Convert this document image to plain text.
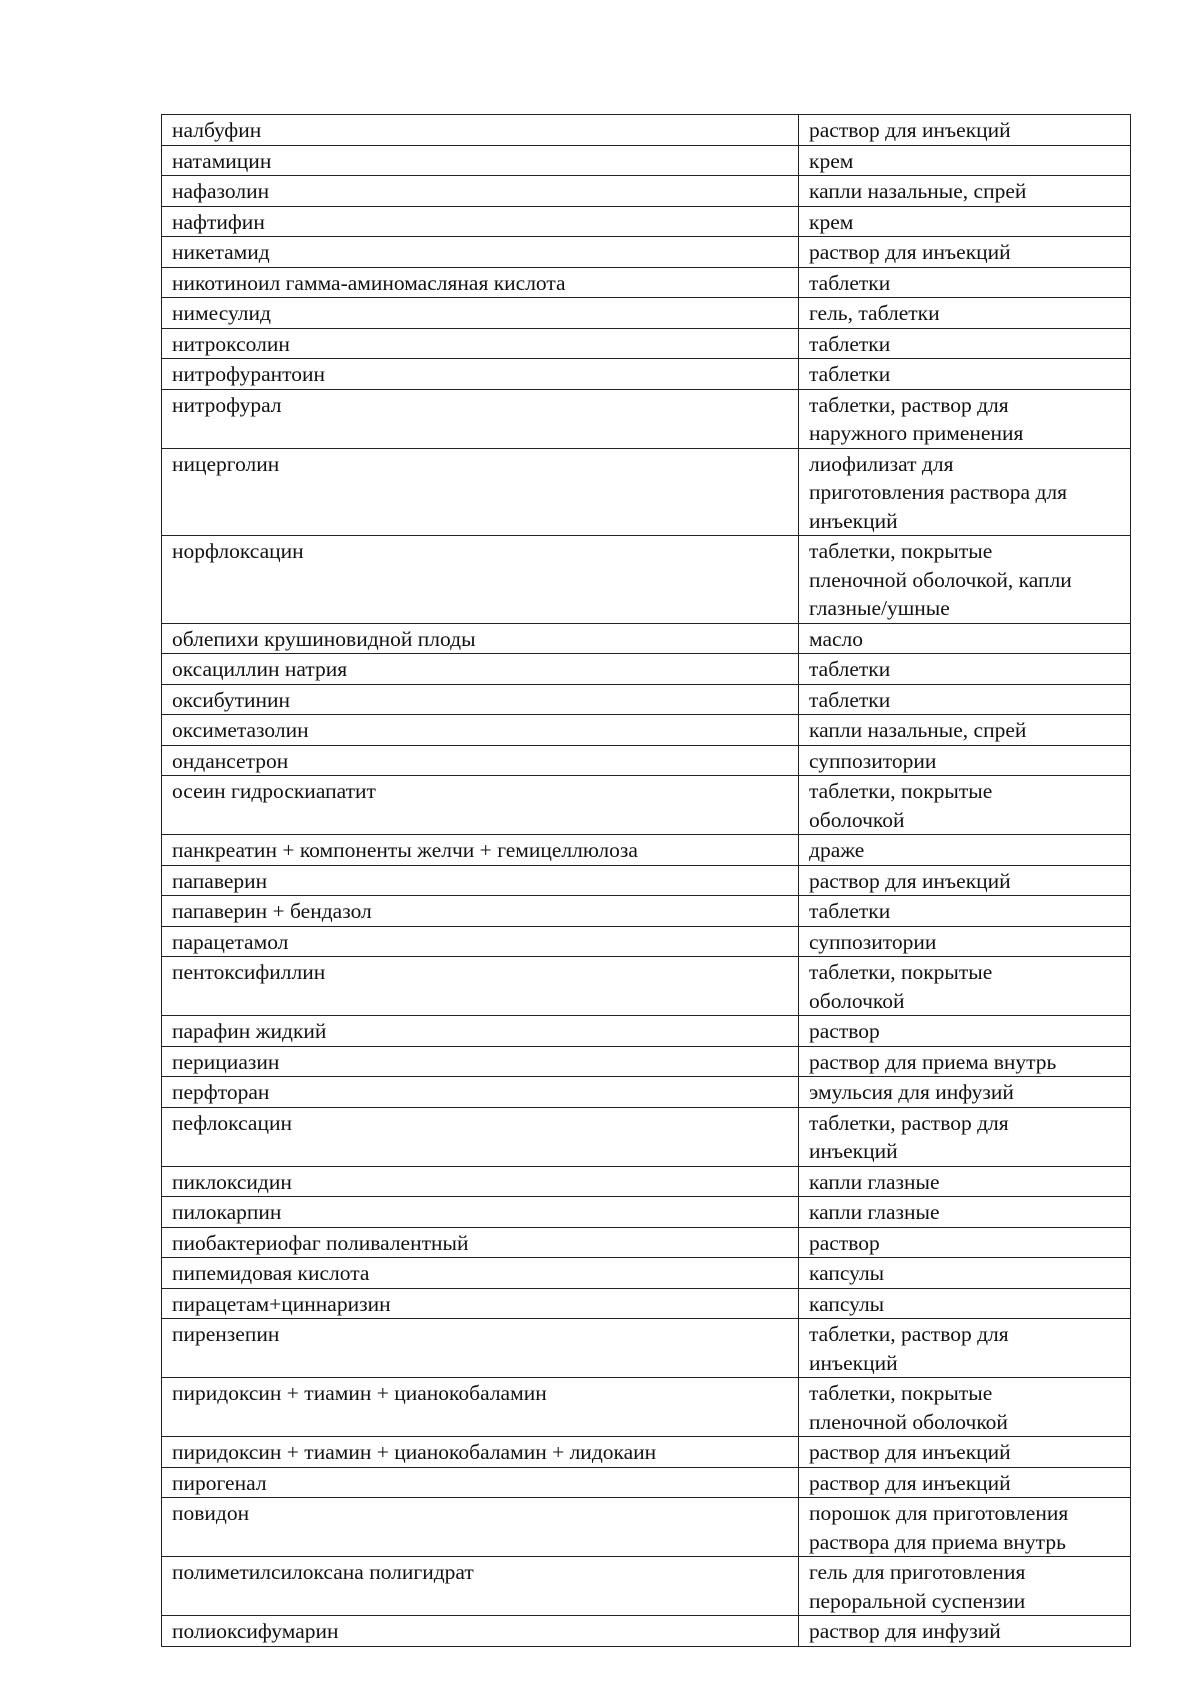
налбуфин	раствор для инъекций
натамицин	крем
нафазолин	капли назальные, спрей
нафтифин	крем
никетамид	раствор для инъекций
никотиноил гамма-аминомасляная кислота	таблетки
нимесулид	гель, таблетки
нитроксолин	таблетки
нитрофурантоин	таблетки
нитрофурал	таблетки, раствор для
наружного применения
ницерголин	лиофилизат для
приготовления раствора для
инъекций
норфлоксацин	таблетки, покрытые
пленочной оболочкой, капли
глазные/ушные
облепихи крушиновидной плоды	масло
оксациллин натрия	таблетки
оксибутинин	таблетки
оксиметазолин	капли назальные, спрей
ондансетрон	суппозитории
осеин гидроскиапатит	таблетки, покрытые
оболочкой
панкреатин + компоненты желчи + гемицеллюлоза	драже
папаверин	раствор для инъекций
папаверин + бендазол	таблетки
парацетамол	суппозитории
пентоксифиллин	таблетки, покрытые
оболочкой
парафин жидкий	раствор
перициазин	раствор для приема внутрь
перфторан	эмульсия для инфузий
пефлоксацин	таблетки, раствор для
инъекций
пиклоксидин	капли глазные
пилокарпин	капли глазные
пиобактериофаг поливалентный	раствор
пипемидовая кислота	капсулы
пирацетам+циннаризин	капсулы
пирензепин	таблетки, раствор для
инъекций
пиридоксин + тиамин + цианокобаламин	таблетки, покрытые
пленочной оболочкой
пиридоксин + тиамин + цианокобаламин + лидокаин	раствор для инъекций
пирогенал	раствор для инъекций
повидон	порошок для приготовления
раствора для приема внутрь
полиметилсилоксана полигидрат	гель для приготовления
пероральной суспензии
полиоксифумарин	раствор для инфузий
